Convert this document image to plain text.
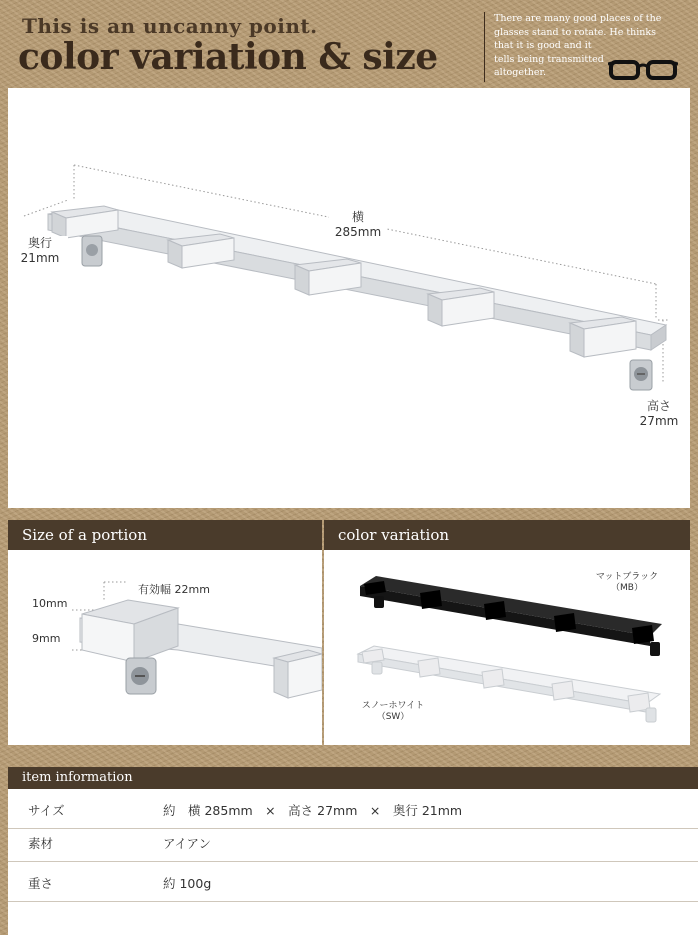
This is an uncanny point.
color variation & size
There are many good places of the
glasses stand to rotate. He thinks
that it is good and it
tells being transmitted
altogether.
横
285mm
奥行
21mm
高さ
27mm
Size of a portion
有効幅 22mm
10mm
9mm
color variation
マットブラック
（MB）
スノーホワイト
（SW）
item information
サイズ	約　横 285mm　×　高さ 27mm　×　奥行 21mm
素材	アイアン
重さ	約 100g
